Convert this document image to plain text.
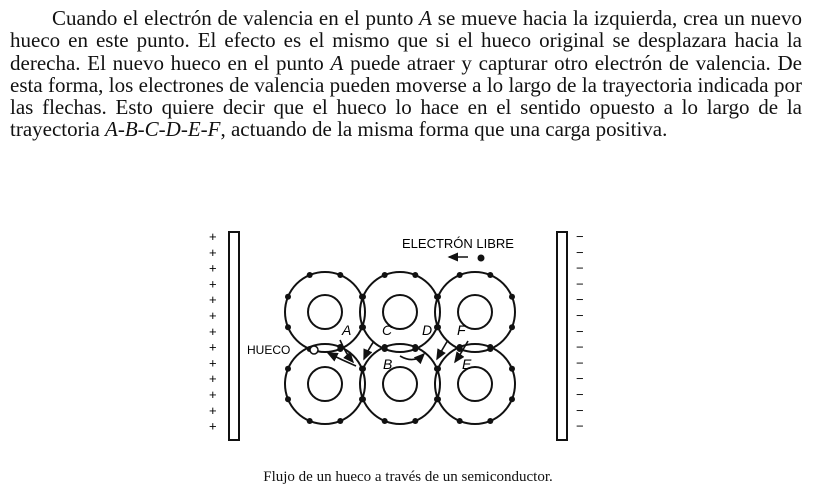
Cuando el electrón de valencia en el punto A se mueve hacia la izquierda, crea un nuevo hueco en este punto. El efecto es el mismo que si el hueco original se desplazara hacia la derecha. El nuevo hueco en el punto A puede atraer y capturar otro electrón de valencia. De esta forma, los electrones de valencia pueden moverse a lo largo de la trayectoria indicada por las flechas. Esto quiere decir que el hueco lo hace en el sentido opuesto a lo largo de la trayectoria A-B-C-D-E-F, actuando de la misma forma que una carga positiva.

+
+
+
+
+
+
+
+
+
+
+
+
+
−
−
−
−
−
−
−
−
−
−
−
−
−
ELECTRÓN LIBRE
HUECO
A
B
C D
E
F
Flujo de un hueco a través de un semiconductor.
